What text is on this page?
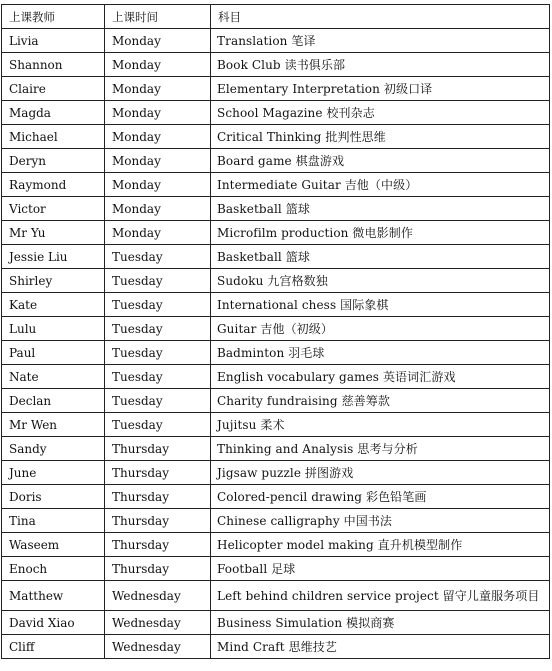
上课教师	上课时间	科目
Livia	Monday	Translation 笔译
Shannon	Monday	Book Club 读书俱乐部
Claire	Monday	Elementary Interpretation 初级口译
Magda	Monday	School Magazine 校刊杂志
Michael	Monday	Critical Thinking 批判性思维
Deryn	Monday	Board game 棋盘游戏
Raymond	Monday	Intermediate Guitar 吉他（中级）
Victor	Monday	Basketball 篮球
Mr Yu	Monday	Microfilm production 微电影制作
Jessie Liu	Tuesday	Basketball 篮球
Shirley	Tuesday	Sudoku 九宫格数独
Kate	Tuesday	International chess 国际象棋
Lulu	Tuesday	Guitar 吉他（初级）
Paul	Tuesday	Badminton 羽毛球
Nate	Tuesday	English vocabulary games 英语词汇游戏
Declan	Tuesday	Charity fundraising 慈善筹款
Mr Wen	Tuesday	Jujitsu 柔术
Sandy	Thursday	Thinking and Analysis 思考与分析
June	Thursday	Jigsaw puzzle 拼图游戏
Doris	Thursday	Colored-pencil drawing 彩色铅笔画
Tina	Thursday	Chinese calligraphy 中国书法
Waseem	Thursday	Helicopter model making 直升机模型制作
Enoch	Thursday	Football 足球
Matthew	Wednesday	Left behind children service project 留守儿童服务项目
David Xiao	Wednesday	Business Simulation 模拟商赛
Cliff	Wednesday	Mind Craft 思维技艺
